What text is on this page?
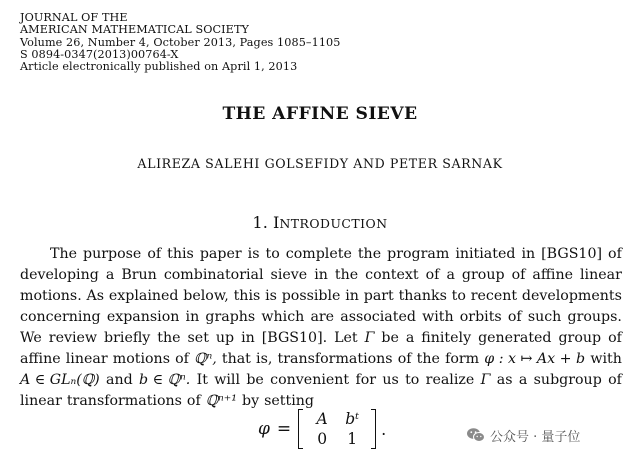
JOURNAL OF THE
AMERICAN MATHEMATICAL SOCIETY
Volume 26, Number 4, October 2013, Pages 1085–1105
S 0894-0347(2013)00764-X
Article electronically published on April 1, 2013
THE AFFINE SIEVE
ALIREZA SALEHI GOLSEFIDY AND PETER SARNAK
1. INTRODUCTION
The purpose of this paper is to complete the program initiated in [BGS10] of
developing a Brun combinatorial sieve in the context of a group of affine linear
motions. As explained below, this is possible in part thanks to recent developments
concerning expansion in graphs which are associated with orbits of such groups.
We review briefly the set up in [BGS10]. Let Γ be a finitely generated group of
affine linear motions of ℚⁿ, that is, transformations of the form φ : x ↦ Ax + b with
A ∈ GLₙ(ℚ) and b ∈ ℚⁿ. It will be convenient for us to realize Γ as a subgroup of
linear transformations of ℚⁿ⁺¹ by setting
φ =	A	bᵗ
0	1
.	公众号 · 量子位
